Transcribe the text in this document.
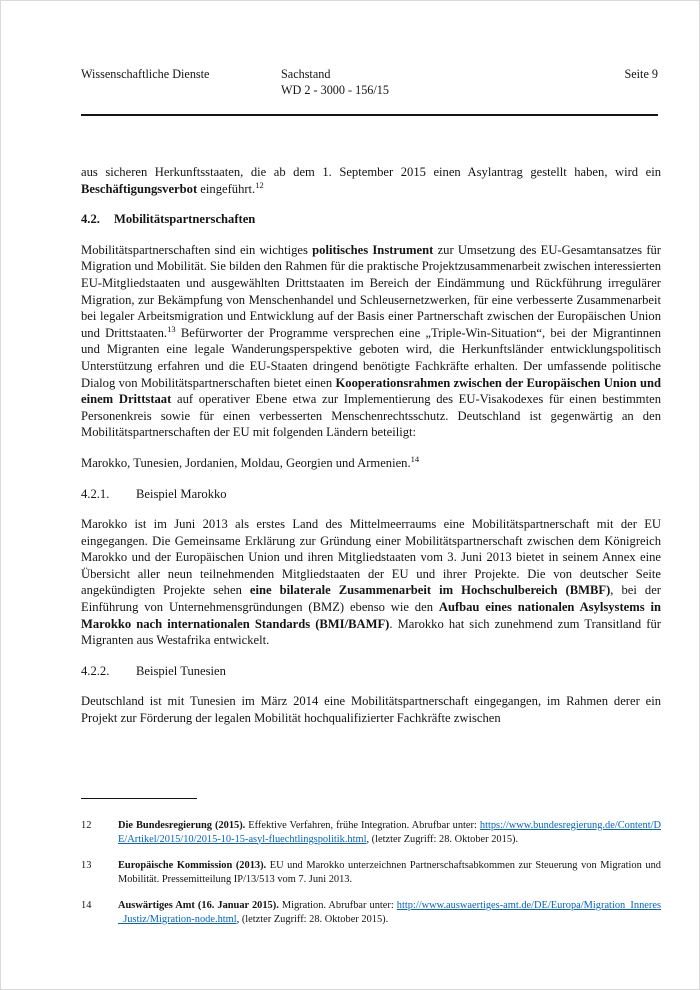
Wissenschaftliche Dienste	Sachstand
WD 2 - 3000 - 156/15
Seite 9

aus sicheren Herkunftsstaaten, die ab dem 1. September 2015 einen Asylantrag gestellt haben, wird ein Beschäftigungsverbot eingeführt.$^{12}$

4.2.	Mobilitätspartnerschaften

Mobilitätspartnerschaften sind ein wichtiges politisches Instrument zur Umsetzung des EU-Gesamtansatzes für Migration und Mobilität. Sie bilden den Rahmen für die praktische Projektzusammenarbeit zwischen interessierten EU-Mitgliedstaaten und ausgewählten Drittstaaten im Bereich der Eindämmung und Rückführung irregulärer Migration, zur Bekämpfung von Menschenhandel und Schleusernetzwerken, für eine verbesserte Zusammenarbeit bei legaler Arbeitsmigration und Entwicklung auf der Basis einer Partnerschaft zwischen der Europäischen Union und Drittstaaten.$^{13}$ Befürworter der Programme versprechen eine „Triple-Win-Situation“, bei der Migrantinnen und Migranten eine legale Wanderungsperspektive geboten wird, die Herkunftsländer entwicklungspolitisch Unterstützung erfahren und die EU-Staaten dringend benötigte Fachkräfte erhalten. Der umfassende politische Dialog von Mobilitätspartnerschaften bietet einen Kooperationsrahmen zwischen der Europäischen Union und einem Drittstaat auf operativer Ebene etwa zur Implementierung des EU-Visakodexes für einen bestimmten Personenkreis sowie für einen verbesserten Menschenrechtsschutz. Deutschland ist gegenwärtig an den Mobilitätspartnerschaften der EU mit folgenden Ländern beteiligt:

Marokko, Tunesien, Jordanien, Moldau, Georgien und Armenien.$^{14}$

4.2.1.	Beispiel Marokko

Marokko ist im Juni 2013 als erstes Land des Mittelmeerraums eine Mobilitätspartnerschaft mit der EU eingegangen. Die Gemeinsame Erklärung zur Gründung einer Mobilitätspartnerschaft zwischen dem Königreich Marokko und der Europäischen Union und ihren Mitgliedstaaten vom 3. Juni 2013 bietet in seinem Annex eine Übersicht aller neun teilnehmenden Mitgliedstaaten der EU und ihrer Projekte. Die von deutscher Seite angekündigten Projekte sehen eine bilaterale Zusammenarbeit im Hochschulbereich (BMBF), bei der Einführung von Unternehmensgründungen (BMZ) ebenso wie den Aufbau eines nationalen Asylsystems in Marokko nach internationalen Standards (BMI/BAMF). Marokko hat sich zunehmend zum Transitland für Migranten aus Westafrika entwickelt.

4.2.2.	Beispiel Tunesien

Deutschland ist mit Tunesien im März 2014 eine Mobilitätspartnerschaft eingegangen, im Rahmen derer ein Projekt zur Förderung der legalen Mobilität hochqualifizierter Fachkräfte zwischen

12	Die Bundesregierung (2015). Effektive Verfahren, frühe Integration. Abrufbar unter: https://www.bundesregierung.de/Content/DE/Artikel/2015/10/2015-10-15-asyl-fluechtlingspolitik.html, (letzter Zugriff: 28. Oktober 2015).
13	Europäische Kommission (2013). EU und Marokko unterzeichnen Partnerschaftsabkommen zur Steuerung von Migration und Mobilität. Pressemitteilung IP/13/513 vom 7. Juni 2013.
14	Auswärtiges Amt (16. Januar 2015). Migration. Abrufbar unter: http://www.auswaertiges-amt.de/DE/Europa/Migration_Inneres_Justiz/Migration-node.html, (letzter Zugriff: 28. Oktober 2015).
